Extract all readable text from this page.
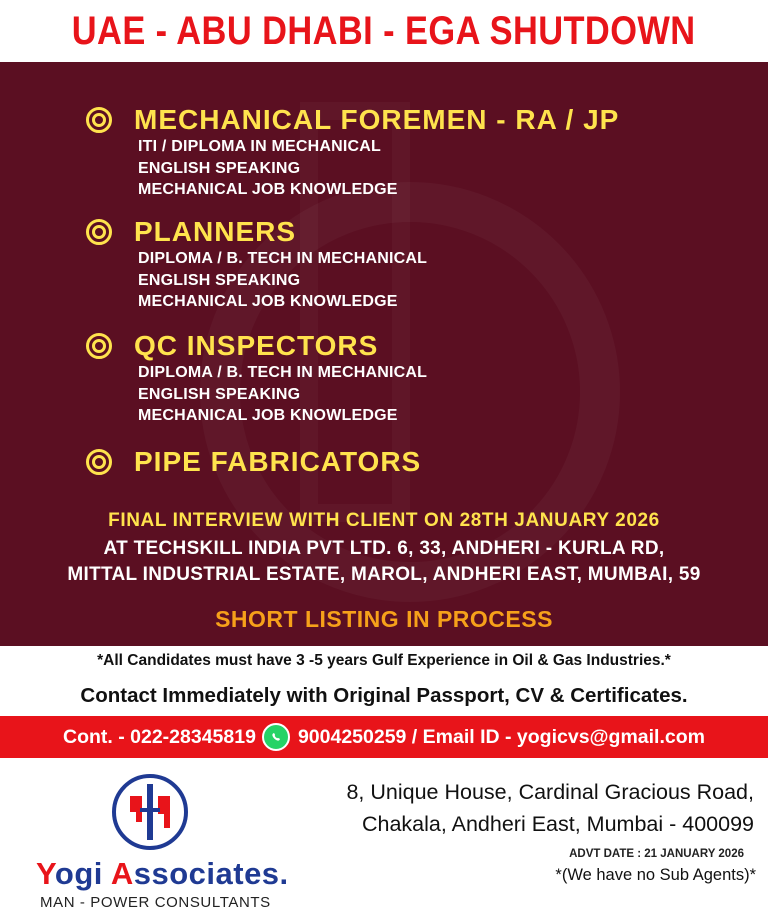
UAE - ABU DHABI - EGA SHUTDOWN
MECHANICAL FOREMEN - RA / JP
ITI / DIPLOMA IN MECHANICAL
ENGLISH SPEAKING
MECHANICAL JOB KNOWLEDGE
PLANNERS
DIPLOMA / B. TECH IN MECHANICAL
ENGLISH SPEAKING
MECHANICAL JOB KNOWLEDGE
QC INSPECTORS
DIPLOMA / B. TECH IN MECHANICAL
ENGLISH SPEAKING
MECHANICAL JOB KNOWLEDGE
PIPE FABRICATORS
FINAL INTERVIEW WITH CLIENT ON 28TH JANUARY 2026
AT TECHSKILL INDIA PVT LTD. 6, 33, ANDHERI - KURLA RD,
MITTAL INDUSTRIAL ESTATE, MAROL, ANDHERI EAST, MUMBAI, 59
SHORT LISTING IN PROCESS
*All Candidates must have 3 -5 years Gulf Experience in Oil & Gas Industries.*
Contact Immediately with Original Passport, CV & Certificates.
Cont. - 022-28345819 9004250259 / Email ID - yogicvs@gmail.com
Yogi Associates.
MAN - POWER CONSULTANTS
8, Unique House, Cardinal Gracious Road,
Chakala, Andheri East, Mumbai - 400099
ADVT DATE : 21 JANUARY 2026
*(We have no Sub Agents)*
